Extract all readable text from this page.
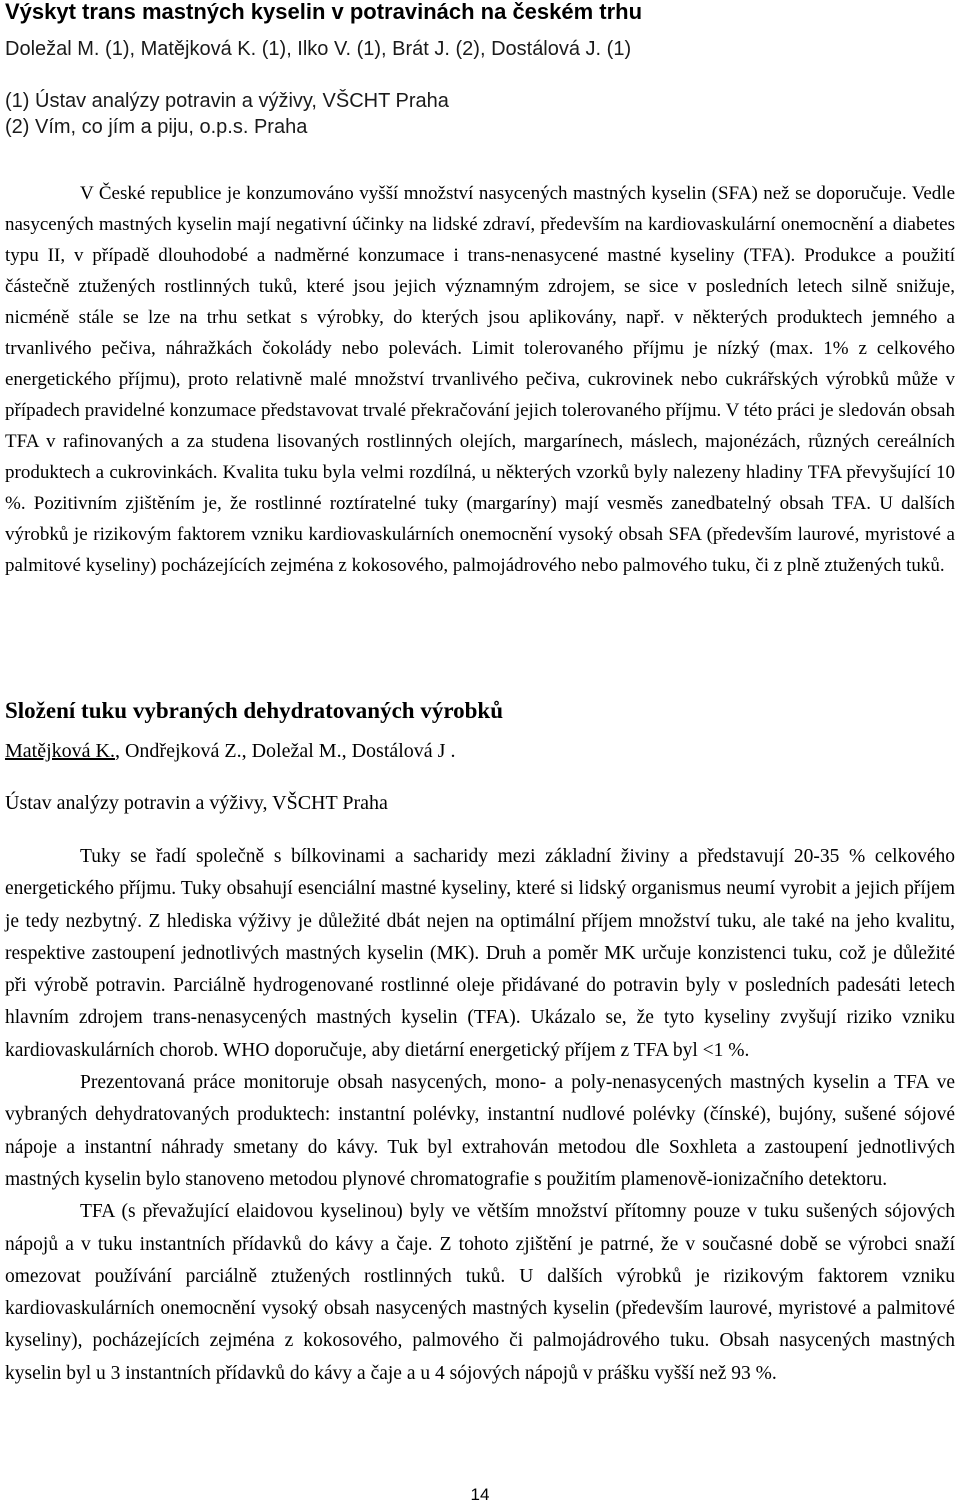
Výskyt trans mastných kyselin v potravinách na českém trhu
Doležal M. (1), Matějková K. (1), Ilko V. (1), Brát J. (2), Dostálová J. (1)
(1) Ústav analýzy potravin a výživy, VŠCHT Praha
(2) Vím, co jím a piju, o.p.s. Praha

V České republice je konzumováno vyšší množství nasycených mastných kyselin (SFA) než se doporučuje. Vedle nasycených mastných kyselin mají negativní účinky na lidské zdraví, především na kardiovaskulární onemocnění a diabetes typu II, v případě dlouhodobé a nadměrné konzumace i trans-nenasycené mastné kyseliny (TFA). Produkce a použití částečně ztužených rostlinných tuků, které jsou jejich významným zdrojem, se sice v posledních letech silně snižuje, nicméně stále se lze na trhu setkat s výrobky, do kterých jsou aplikovány, např. v některých produktech jemného a trvanlivého pečiva, náhražkách čokolády nebo polevách. Limit tolerovaného příjmu je nízký (max. 1% z celkového energetického příjmu), proto relativně malé množství trvanlivého pečiva, cukrovinek nebo cukrářských výrobků může v případech pravidelné konzumace představovat trvalé překračování jejich tolerovaného příjmu. V této práci je sledován obsah TFA v rafinovaných a za studena lisovaných rostlinných olejích, margarínech, máslech, majonézách, různých cereálních produktech a cukrovinkách. Kvalita tuku byla velmi rozdílná, u některých vzorků byly nalezeny hladiny TFA převyšující 10 %. Pozitivním zjištěním je, že rostlinné roztíratelné tuky (margaríny) mají vesměs zanedbatelný obsah TFA. U dalších výrobků je rizikovým faktorem vzniku kardiovaskulárních onemocnění vysoký obsah SFA (především laurové, myristové a palmitové kyseliny) pocházejících zejména z kokosového, palmojádrového nebo palmového tuku, či z plně ztužených tuků.

Složení tuku vybraných dehydratovaných výrobků
Matějková K., Ondřejková Z., Doležal M., Dostálová J .
Ústav analýzy potravin a výživy, VŠCHT Praha

Tuky se řadí společně s bílkovinami a sacharidy mezi základní živiny a představují 20-35 % celkového energetického příjmu. Tuky obsahují esenciální mastné kyseliny, které si lidský organismus neumí vyrobit a jejich příjem je tedy nezbytný. Z hlediska výživy je důležité dbát nejen na optimální příjem množství tuku, ale také na jeho kvalitu, respektive zastoupení jednotlivých mastných kyselin (MK). Druh a poměr MK určuje konzistenci tuku, což je důležité při výrobě potravin. Parciálně hydrogenované rostlinné oleje přidávané do potravin byly v posledních padesáti letech hlavním zdrojem trans-nenasycených mastných kyselin (TFA). Ukázalo se, že tyto kyseliny zvyšují riziko vzniku kardiovaskulárních chorob. WHO doporučuje, aby dietární energetický příjem z TFA byl <1 %.

Prezentovaná práce monitoruje obsah nasycených, mono- a poly-nenasycených mastných kyselin a TFA ve vybraných dehydratovaných produktech: instantní polévky, instantní nudlové polévky (čínské), bujóny, sušené sójové nápoje a instantní náhrady smetany do kávy. Tuk byl extrahován metodou dle Soxhleta a zastoupení jednotlivých mastných kyselin bylo stanoveno metodou plynové chromatografie s použitím plamenově-ionizačního detektoru.

TFA (s převažující elaidovou kyselinou) byly ve větším množství přítomny pouze v tuku sušených sójových nápojů a v tuku instantních přídavků do kávy a čaje. Z tohoto zjištění je patrné, že v současné době se výrobci snaží omezovat používání parciálně ztužených rostlinných tuků. U dalších výrobků je rizikovým faktorem vzniku kardiovaskulárních onemocnění vysoký obsah nasycených mastných kyselin (především laurové, myristové a palmitové kyseliny), pocházejících zejména z kokosového, palmového či palmojádrového tuku. Obsah nasycených mastných kyselin byl u 3 instantních přídavků do kávy a čaje a u 4 sójových nápojů v prášku vyšší než 93 %.

14
